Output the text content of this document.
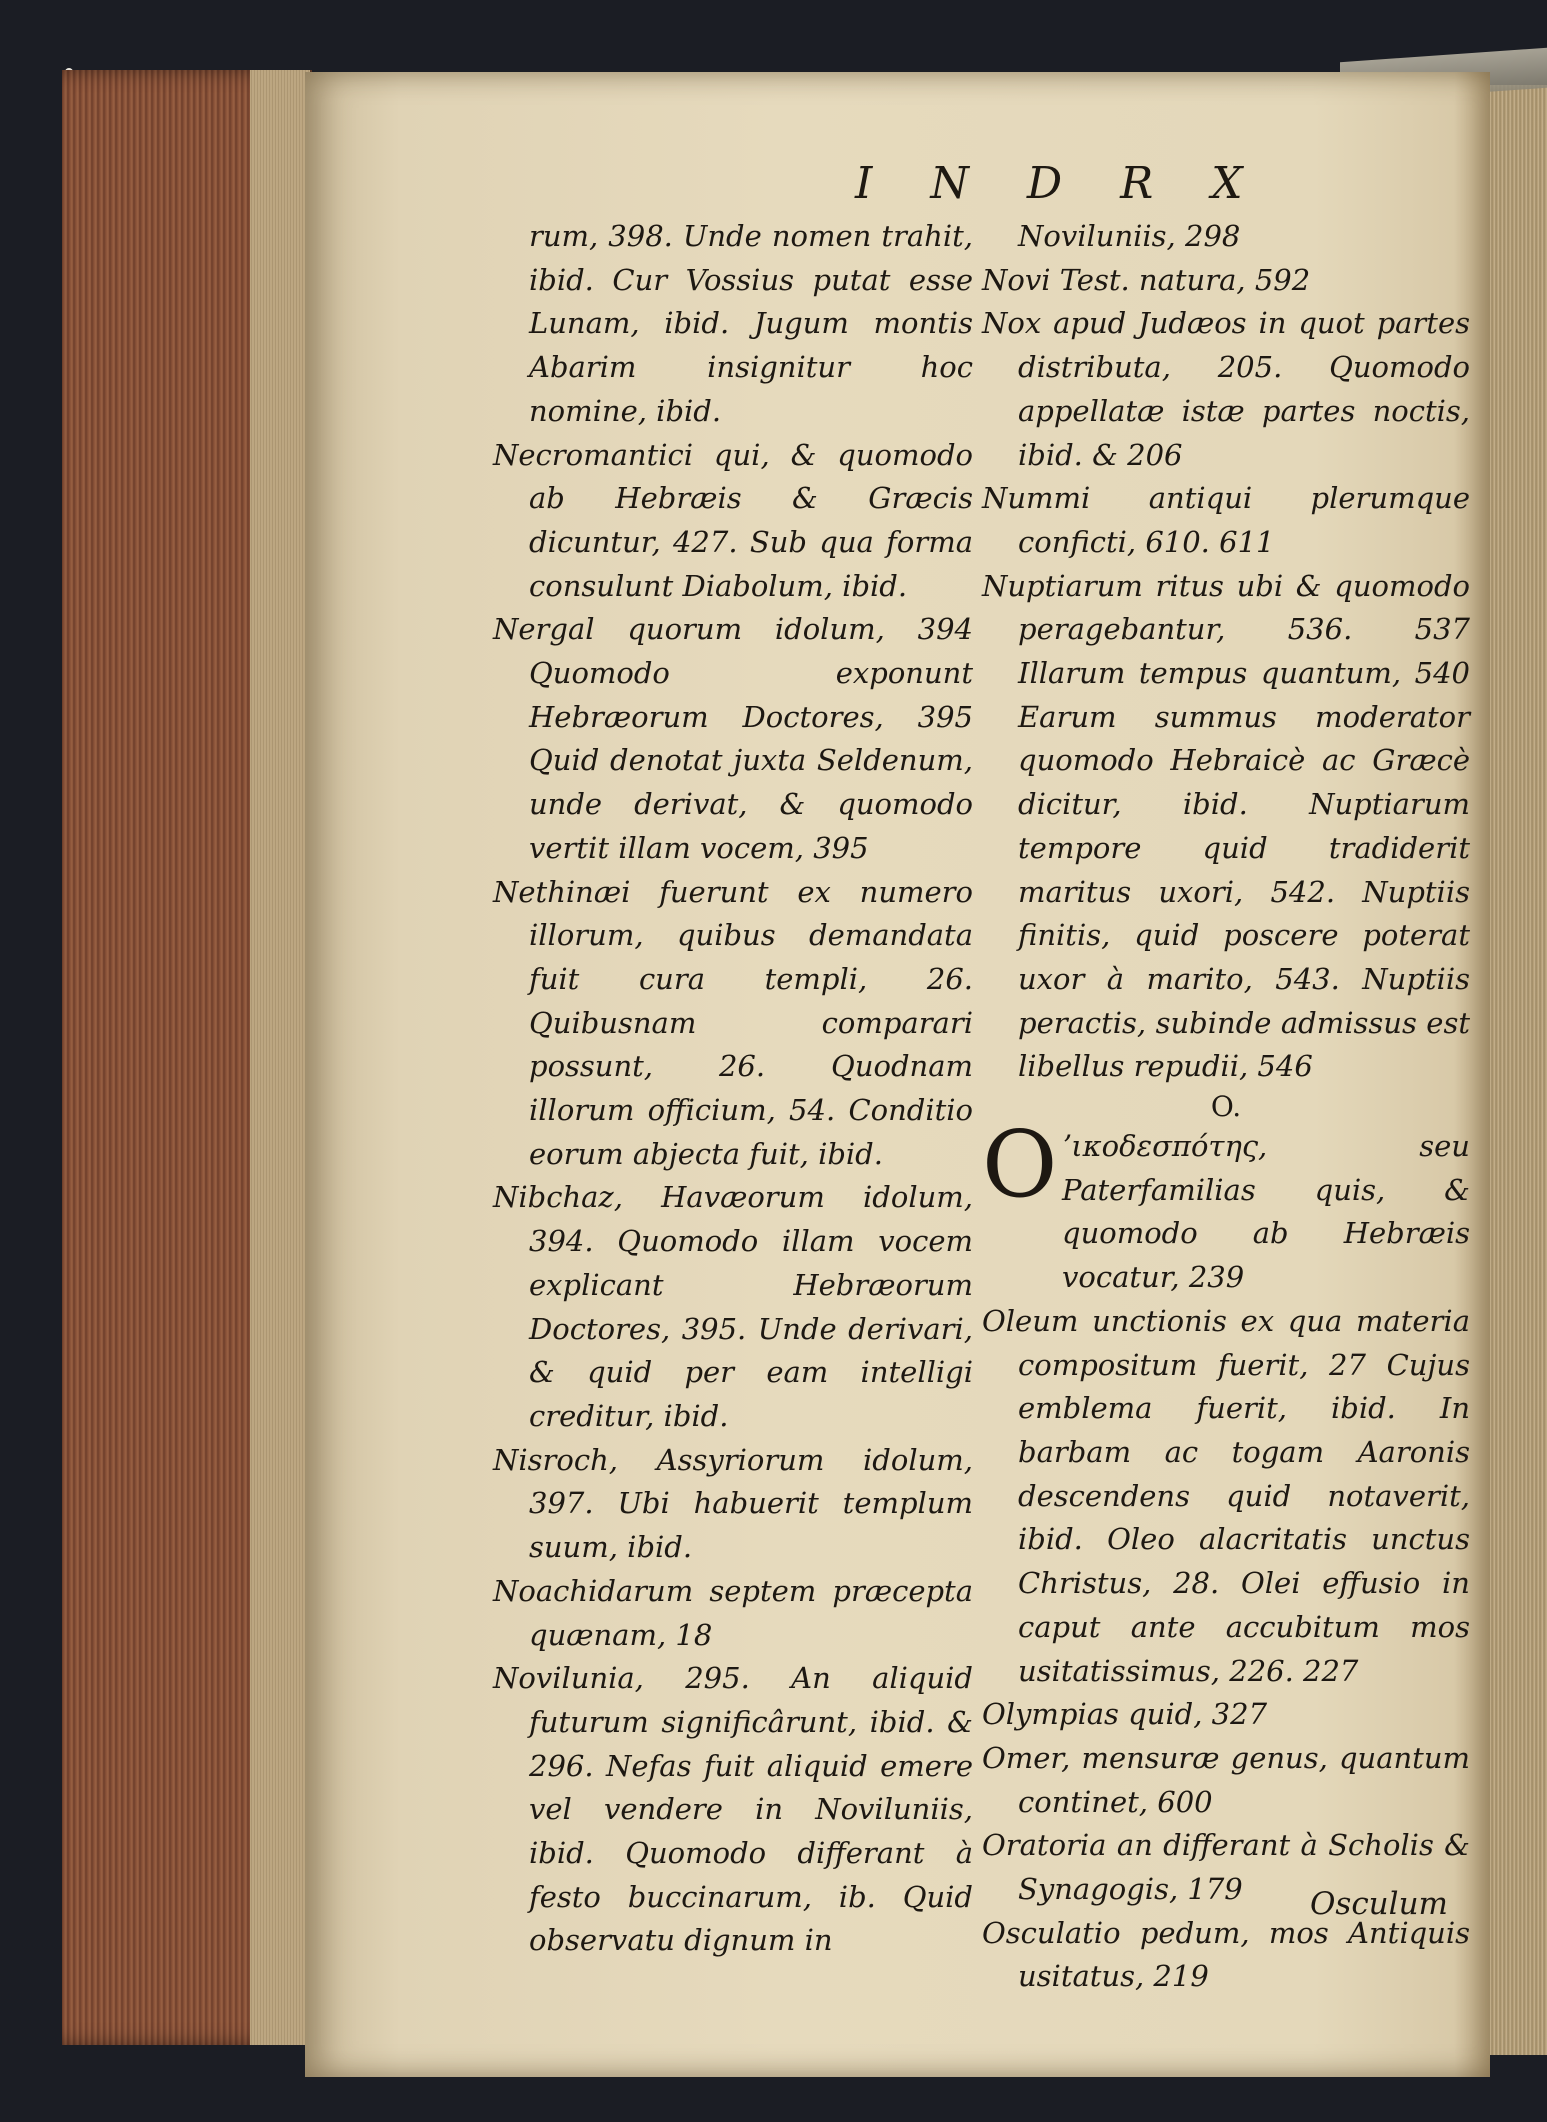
I N D R X

rum, 398. Unde nomen trahit, ibid. Cur Vossius putat esse Lunam, ibid. Jugum montis Abarim insignitur hoc nomine, ibid.

Necromantici qui, & quomodo ab Hebræis & Græcis dicuntur, 427. Sub qua forma consulunt Diabolum, ibid.

Nergal quorum idolum, 394 Quomodo exponunt Hebræorum Doctores, 395 Quid denotat juxta Seldenum, unde derivat, & quomodo vertit illam vocem, 395

Nethinæi fuerunt ex numero illorum, quibus demandata fuit cura templi, 26. Quibusnam comparari possunt, 26. Quodnam illorum officium, 54. Conditio eorum abjecta fuit, ibid.

Nibchaz, Havæorum idolum, 394. Quomodo illam vocem explicant Hebræorum Doctores, 395. Unde derivari, & quid per eam intelligi creditur, ibid.

Nisroch, Assyriorum idolum, 397. Ubi habuerit templum suum, ibid.

Noachidarum septem præcepta quænam, 18

Novilunia, 295. An aliquid futurum significârunt, ibid. & 296. Nefas fuit aliquid emere vel vendere in Noviluniis, ibid. Quomodo differant à festo buccinarum, ib. Quid observatu dignum in

Noviluniis, 298

Novi Test. natura, 592

Nox apud Judæos in quot partes distributa, 205. Quomodo appellatæ istæ partes noctis, ibid. & 206

Nummi antiqui plerumque conficti, 610. 611

Nuptiarum ritus ubi & quomodo peragebantur, 536. 537 Illarum tempus quantum, 540 Earum summus moderator quomodo Hebraicè ac Græcè dicitur, ibid. Nuptiarum tempore quid tradiderit maritus uxori, 542. Nuptiis finitis, quid poscere poterat uxor à marito, 543. Nuptiis peractis, subinde admissus est libellus repudii, 546

O.

O ʼικοδεσπότης, seu Paterfamilias quis, & quomodo ab Hebræis vocatur, 239

Oleum unctionis ex qua materia compositum fuerit, 27 Cujus emblema fuerit, ibid. In barbam ac togam Aaronis descendens quid notaverit, ibid. Oleo alacritatis unctus Christus, 28. Olei effusio in caput ante accubitum mos usitatissimus, 226. 227

Olympias quid, 327

Omer, mensuræ genus, quantum continet, 600

Oratoria an differant à Scholis & Synagogis, 179

Osculatio pedum, mos Antiquis usitatus, 219

Osculum
